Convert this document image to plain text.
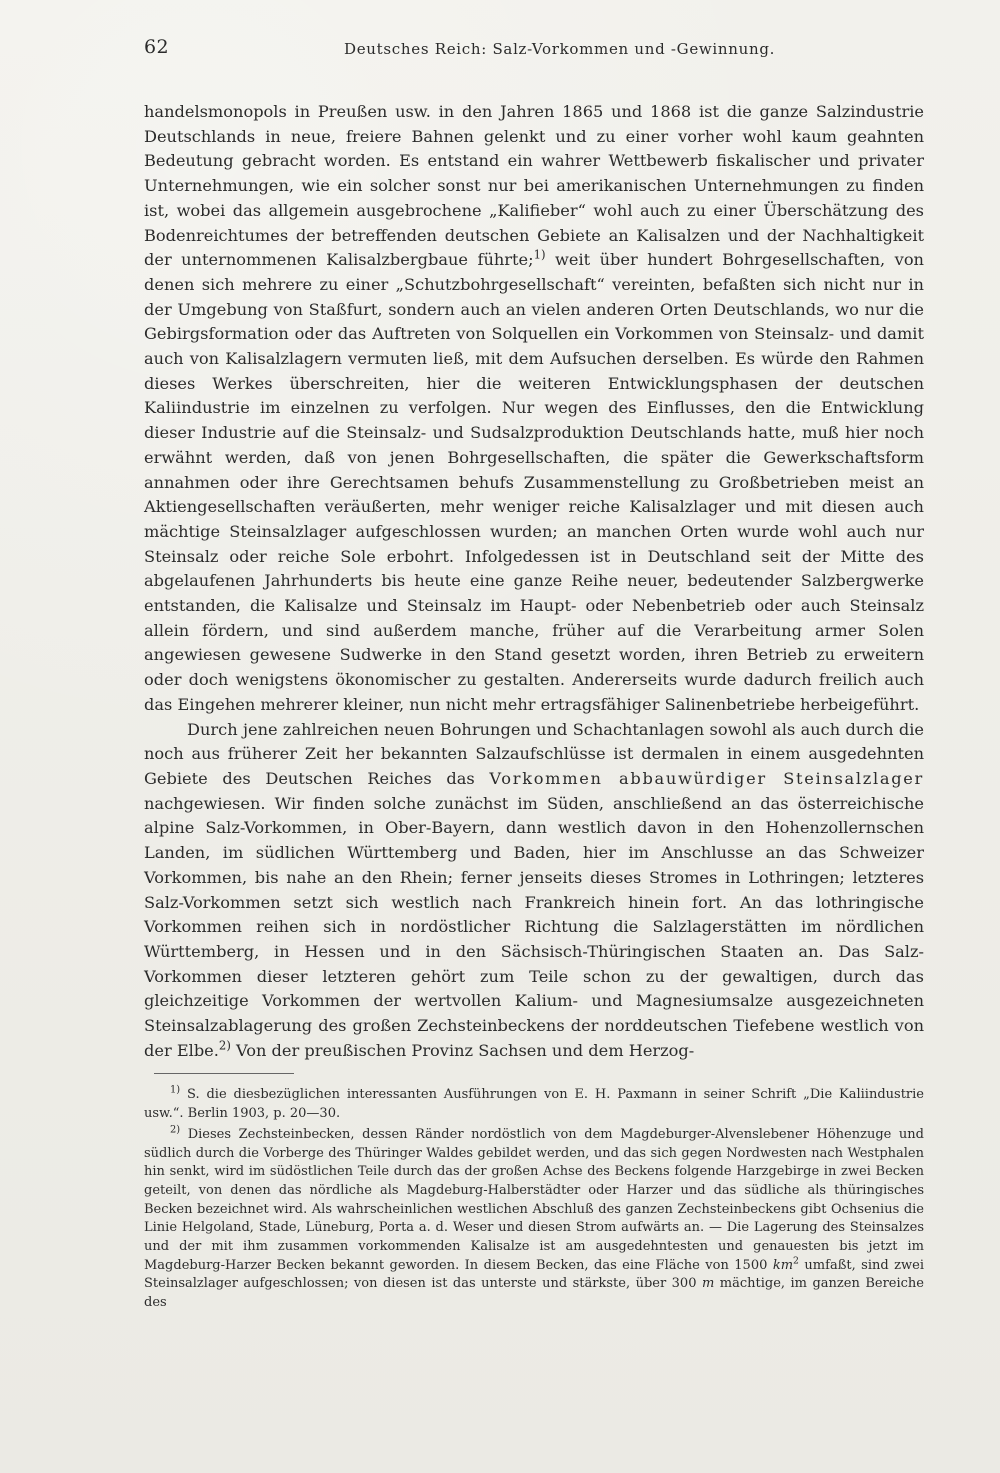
62	Deutsches Reich: Salz-Vorkommen und -Gewinnung.

handelsmonopols in Preußen usw. in den Jahren 1865 und 1868 ist die ganze Salzindustrie Deutschlands in neue, freiere Bahnen gelenkt und zu einer vorher wohl kaum geahnten Bedeutung gebracht worden. Es entstand ein wahrer Wettbewerb fiskalischer und privater Unternehmungen, wie ein solcher sonst nur bei amerikanischen Unternehmungen zu finden ist, wobei das allgemein ausgebrochene „Kalifieber“ wohl auch zu einer Überschätzung des Bodenreichtumes der betreffenden deutschen Gebiete an Kalisalzen und der Nachhaltigkeit der unternommenen Kalisalzbergbaue führte;$^{1)}$ weit über hundert Bohrgesellschaften, von denen sich mehrere zu einer „Schutzbohrgesellschaft“ vereinten, befaßten sich nicht nur in der Umgebung von Staßfurt, sondern auch an vielen anderen Orten Deutschlands, wo nur die Gebirgsformation oder das Auftreten von Solquellen ein Vorkommen von Steinsalz- und damit auch von Kalisalzlagern vermuten ließ, mit dem Aufsuchen derselben. Es würde den Rahmen dieses Werkes überschreiten, hier die weiteren Entwicklungsphasen der deutschen Kaliindustrie im einzelnen zu verfolgen. Nur wegen des Einflusses, den die Entwicklung dieser Industrie auf die Steinsalz- und Sudsalzproduktion Deutschlands hatte, muß hier noch erwähnt werden, daß von jenen Bohrgesellschaften, die später die Gewerkschaftsform annahmen oder ihre Gerechtsamen behufs Zusammenstellung zu Großbetrieben meist an Aktiengesellschaften veräußerten, mehr weniger reiche Kalisalzlager und mit diesen auch mächtige Steinsalzlager aufgeschlossen wurden; an manchen Orten wurde wohl auch nur Steinsalz oder reiche Sole erbohrt. Infolgedessen ist in Deutschland seit der Mitte des abgelaufenen Jahrhunderts bis heute eine ganze Reihe neuer, bedeutender Salzbergwerke entstanden, die Kalisalze und Steinsalz im Haupt- oder Nebenbetrieb oder auch Steinsalz allein fördern, und sind außerdem manche, früher auf die Verarbeitung armer Solen angewiesen gewesene Sudwerke in den Stand gesetzt worden, ihren Betrieb zu erweitern oder doch wenigstens ökonomischer zu gestalten. Andererseits wurde dadurch freilich auch das Eingehen mehrerer kleiner, nun nicht mehr ertragsfähiger Salinenbetriebe herbeigeführt.

Durch jene zahlreichen neuen Bohrungen und Schachtanlagen sowohl als auch durch die noch aus früherer Zeit her bekannten Salzaufschlüsse ist dermalen in einem ausgedehnten Gebiete des Deutschen Reiches das Vorkommen abbauwürdiger Steinsalzlager nachgewiesen. Wir finden solche zunächst im Süden, anschließend an das österreichische alpine Salz-Vorkommen, in Ober-Bayern, dann westlich davon in den Hohenzollernschen Landen, im südlichen Württemberg und Baden, hier im Anschlusse an das Schweizer Vorkommen, bis nahe an den Rhein; ferner jenseits dieses Stromes in Lothringen; letzteres Salz-Vorkommen setzt sich westlich nach Frankreich hinein fort. An das lothringische Vorkommen reihen sich in nordöstlicher Richtung die Salzlagerstätten im nördlichen Württemberg, in Hessen und in den Sächsisch-Thüringischen Staaten an. Das Salz-Vorkommen dieser letzteren gehört zum Teile schon zu der gewaltigen, durch das gleichzeitige Vorkommen der wertvollen Kalium- und Magnesiumsalze ausgezeichneten Steinsalzablagerung des großen Zechsteinbeckens der norddeutschen Tiefebene westlich von der Elbe.$^{2)}$ Von der preußischen Provinz Sachsen und dem Herzog-

$^{1)}$ S. die diesbezüglichen interessanten Ausführungen von E. H. Paxmann in seiner Schrift „Die Kaliindustrie usw.“. Berlin 1903, p. 20—30.

$^{2)}$ Dieses Zechsteinbecken, dessen Ränder nordöstlich von dem Magdeburger-Alvenslebener Höhenzuge und südlich durch die Vorberge des Thüringer Waldes gebildet werden, und das sich gegen Nordwesten nach Westphalen hin senkt, wird im südöstlichen Teile durch das der großen Achse des Beckens folgende Harzgebirge in zwei Becken geteilt, von denen das nördliche als Magdeburg-Halberstädter oder Harzer und das südliche als thüringisches Becken bezeichnet wird. Als wahrscheinlichen westlichen Abschluß des ganzen Zechsteinbeckens gibt Ochsenius die Linie Helgoland, Stade, Lüneburg, Porta a. d. Weser und diesen Strom aufwärts an. — Die Lagerung des Steinsalzes und der mit ihm zusammen vorkommenden Kalisalze ist am ausgedehntesten und genauesten bis jetzt im Magdeburg-Harzer Becken bekannt geworden. In diesem Becken, das eine Fläche von 1500 $km^2$ umfaßt, sind zwei Steinsalzlager aufgeschlossen; von diesen ist das unterste und stärkste, über 300 m mächtige, im ganzen Bereiche des
